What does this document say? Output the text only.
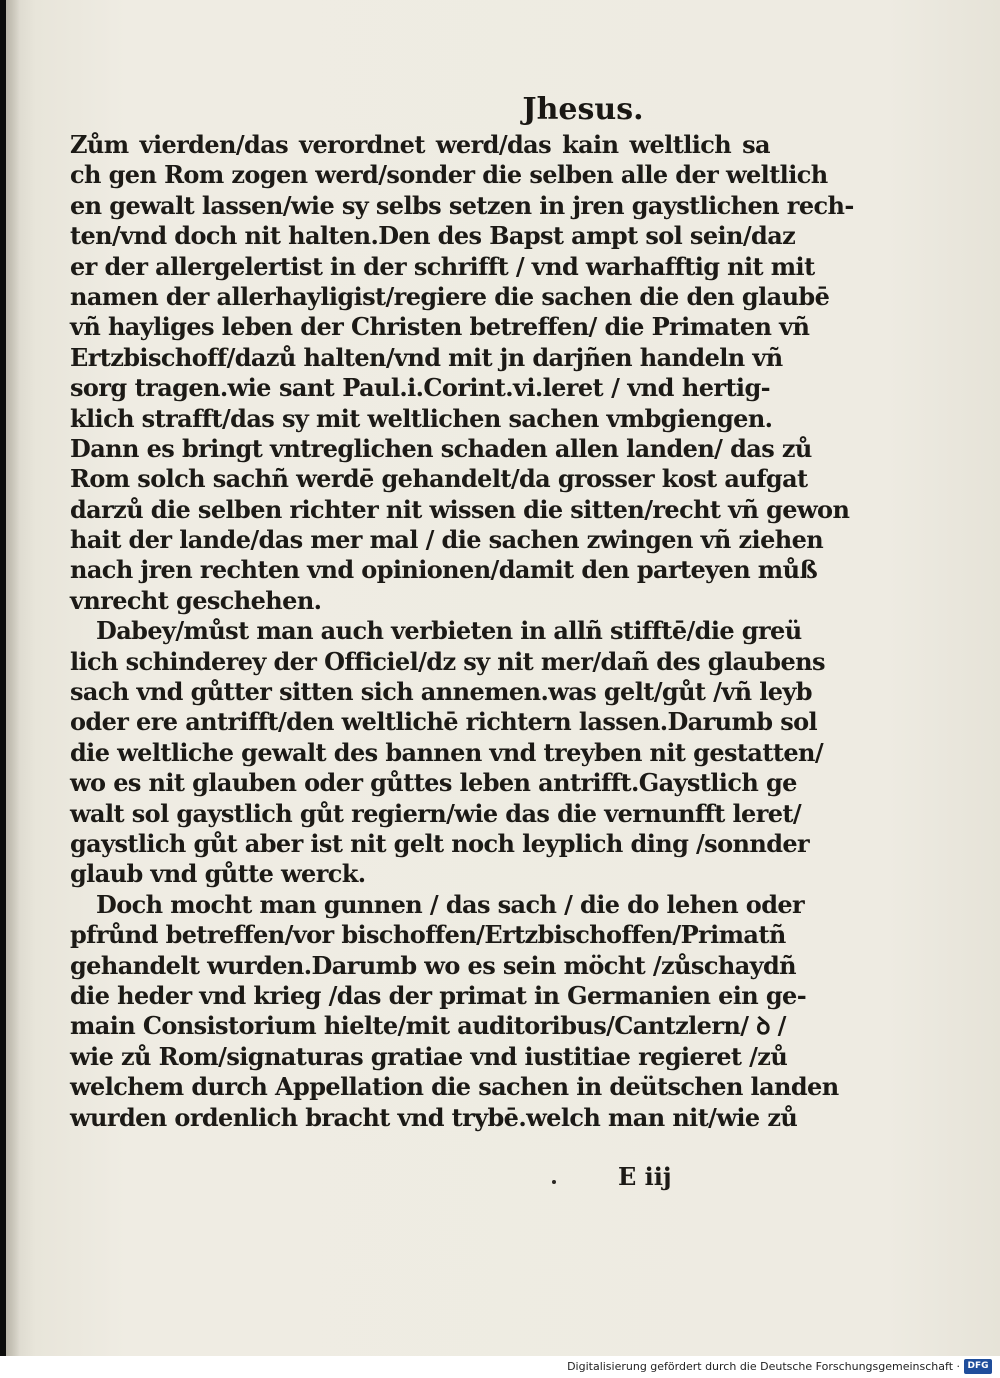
Jhesus.
Zům vierden/das verordnet werd/das kain weltlich sa
ch gen Rom zogen werd/sonder die selben alle der weltlich
en gewalt lassen/wie sy selbs setzen in jren gaystlichen rech-
ten/vnd doch nit halten.Den des Bapst ampt sol sein/daz
er der allergelertist in der schrifft / vnd warhafftig nit mit
namen der allerhayligist/regiere die sachen die den glaubē
vñ hayliges leben der Christen betreffen/ die Primaten vñ
Ertzbischoff/dazů halten/vnd mit jn darjñen handeln vñ
sorg tragen.wie sant Paul.i.Corint.vi.leret / vnd hertig-
klich strafft/das sy mit weltlichen sachen vmbgiengen.
Dann es bringt vntreglichen schaden allen landen/ das zů
Rom solch sachñ werdē gehandelt/da grosser kost aufgat
darzů die selben richter nit wissen die sitten/recht vñ gewon
hait der lande/das mer mal / die sachen zwingen vñ ziehen
nach jren rechten vnd opinionen/damit den parteyen můß
vnrecht geschehen.
Dabey/můst man auch verbieten in allñ stifftē/die greü
lich schinderey der Officiel/dz sy nit mer/dañ des glaubens
sach vnd gůtter sitten sich annemen.was gelt/gůt /vñ leyb
oder ere antrifft/den weltlichē richtern lassen.Darumb sol
die weltliche gewalt des bannen vnd treyben nit gestatten/
wo es nit glauben oder gůttes leben antrifft.Gaystlich ge
walt sol gaystlich gůt regiern/wie das die vernunfft leret/
gaystlich gůt aber ist nit gelt noch leyplich ding /sonnder
glaub vnd gůtte werck.
Doch mocht man gunnen / das sach / die do lehen oder
pfrůnd betreffen/vor bischoffen/Ertzbischoffen/Primatñ
gehandelt wurden.Darumb wo es sein möcht /zůschaydñ
die heder vnd krieg /das der primat in Germanien ein ge-
main Consistorium hielte/mit auditoribus/Cantzlern/ ꝺ /
wie zů Rom/signaturas gratiae vnd iustitiae regieret /zů
welchem durch Appellation die sachen in deütschen landen
wurden ordenlich bracht vnd trybē.welch man nit/wie zů
E iij
Digitalisierung gefördert durch die Deutsche Forschungsgemeinschaft · DFG
